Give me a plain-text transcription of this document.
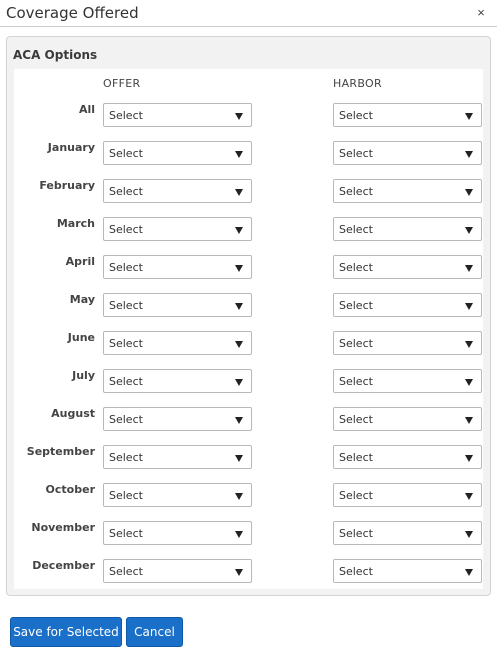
Coverage Offered	×
ACA Options
OFFER	HARBOR
All Select	Select
January Select	Select
February Select	Select
March Select	Select
April Select	Select
May Select	Select
June Select	Select
July Select	Select
August Select	Select
September Select	Select
October Select	Select
November Select	Select
December Select	Select
Save for Selected	Cancel
